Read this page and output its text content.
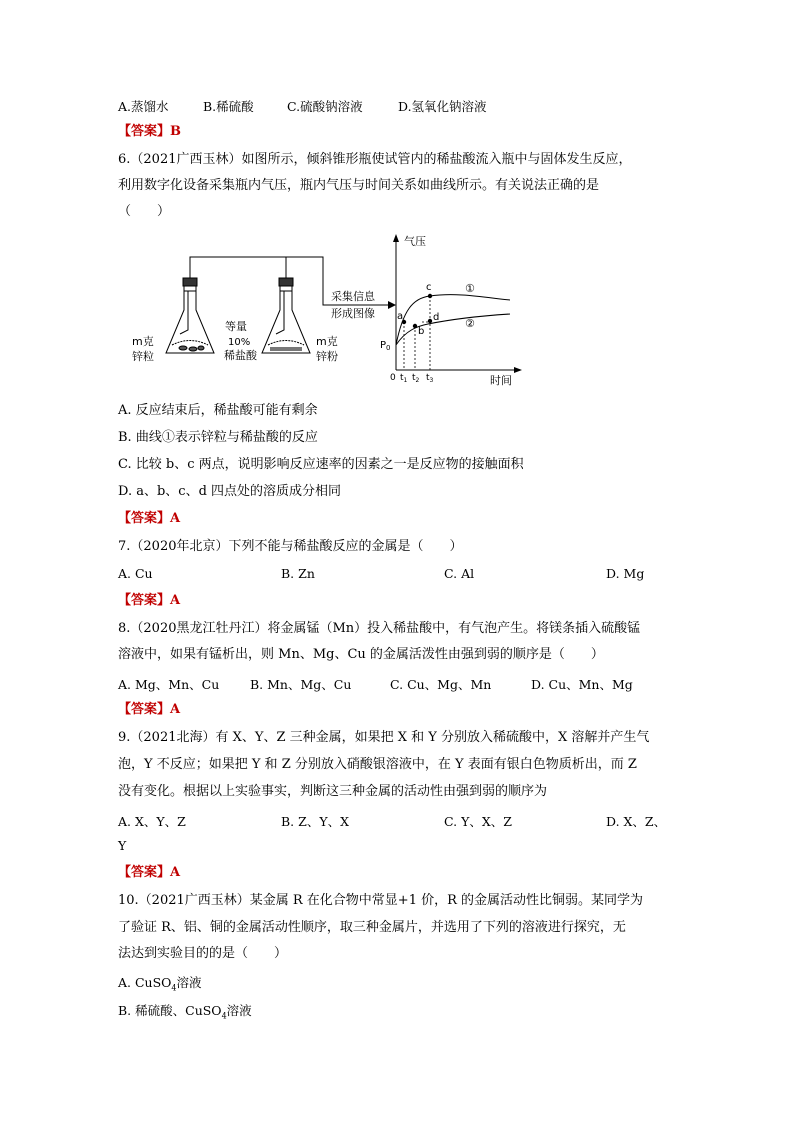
A.蒸馏水	B.稀硫酸	C.硫酸钠溶液	D.氢氧化钠溶液
【答案】B
6.（2021广西玉林）如图所示，倾斜锥形瓶使试管内的稀盐酸流入瓶中与固体发生反应，
利用数字化设备采集瓶内气压，瓶内气压与时间关系如曲线所示。有关说法正确的是
（　　）
m克
锌粒
等量
10%
稀盐酸
m克
锌粉
采集信息
形成图像
气压
时间
$P_0$
0 $t_1$ $t_2$ $t_3$
a
b
c
d
①
②
A. 反应结束后，稀盐酸可能有剩余
B. 曲线①表示锌粒与稀盐酸的反应
C. 比较 b、c 两点，说明影响反应速率的因素之一是反应物的接触面积
D. a、b、c、d 四点处的溶质成分相同
【答案】A
7.（2020年北京）下列不能与稀盐酸反应的金属是（　　）
A. Cu	B. Zn	C. Al	D. Mg
【答案】A
8.（2020黑龙江牡丹江）将金属锰（Mn）投入稀盐酸中，有气泡产生。将镁条插入硫酸锰
溶液中，如果有锰析出，则 Mn、Mg、Cu 的金属活泼性由强到弱的顺序是（　　）
A. Mg、Mn、Cu B. Mn、Mg、Cu	C. Cu、Mg、Mn	D. Cu、Mn、Mg
【答案】A
9.（2021北海）有 X、Y、Z 三种金属，如果把 X 和 Y 分别放入稀硫酸中，X 溶解并产生气
泡，Y 不反应；如果把 Y 和 Z 分别放入硝酸银溶液中，在 Y 表面有银白色物质析出，而 Z
没有变化。根据以上实验事实，判断这三种金属的活动性由强到弱的顺序为
A. X、Y、Z	B. Z、Y、X	C. Y、X、Z	D. X、Z、
Y
【答案】A
10.（2021广西玉林）某金属 R 在化合物中常显+1 价，R 的金属活动性比铜弱。某同学为
了验证 R、铝、铜的金属活动性顺序，取三种金属片，并选用了下列的溶液进行探究，无
法达到实验目的的是（　　）
A. CuSO$_4$溶液
B. 稀硫酸、CuSO$_4$溶液
